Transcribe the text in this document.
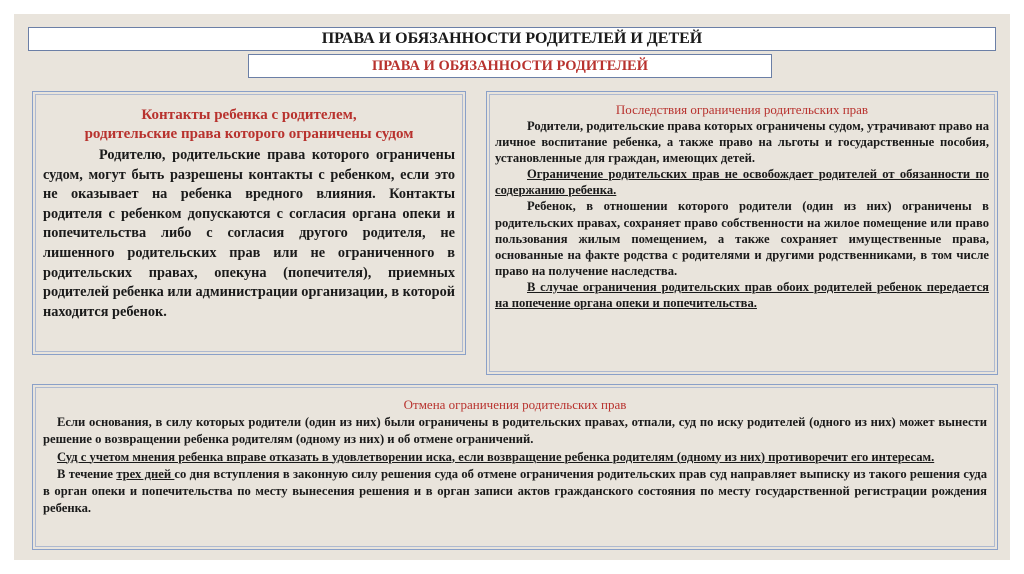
ПРАВА И ОБЯЗАННОСТИ РОДИТЕЛЕЙ И ДЕТЕЙ
ПРАВА И ОБЯЗАННОСТИ РОДИТЕЛЕЙ
Контакты ребенка с родителем,
родительские права которого ограничены судом
Родителю, родительские права которого ограничены судом, могут быть разрешены контакты с ребенком, если это не оказывает на ребенка вредного влияния. Контакты родителя с ребенком допускаются с согласия органа опеки и попечительства либо с согласия другого родителя, не лишенного родительских прав или не ограниченного в родительских правах, опекуна (попечителя), приемных родителей ребенка или администрации организации, в которой находится ребенок.
Последствия ограничения родительских прав

Родители, родительские права которых ограничены судом, утрачивают право на личное воспитание ребенка, а также право на льготы и государственные пособия, установленные для граждан, имеющих детей.

Ограничение родительских прав не освобождает родителей от обязанности по содержанию ребенка.

Ребенок, в отношении которого родители (один из них) ограничены в родительских правах, сохраняет право собственности на жилое помещение или право пользования жилым помещением, а также сохраняет имущественные права, основанные на факте родства с родителями и другими родственниками, в том числе право на получение наследства.

В случае ограничения родительских прав обоих родителей ребенок передается на попечение органа опеки и попечительства.

Отмена ограничения родительских прав

Если основания, в силу которых родители (один из них) были ограничены в родительских правах, отпали, суд по иску родителей (одного из них) может вынести решение о возвращении ребенка родителям (одному из них) и об отмене ограничений.

Суд с учетом мнения ребенка вправе отказать в удовлетворении иска, если возвращение ребенка родителям (одному из них) противоречит его интересам.

В течение трех дней со дня вступления в законную силу решения суда об отмене ограничения родительских прав суд направляет выписку из такого решения суда в орган опеки и попечительства по месту вынесения решения и в орган записи актов гражданского состояния по месту государственной регистрации рождения ребенка.
